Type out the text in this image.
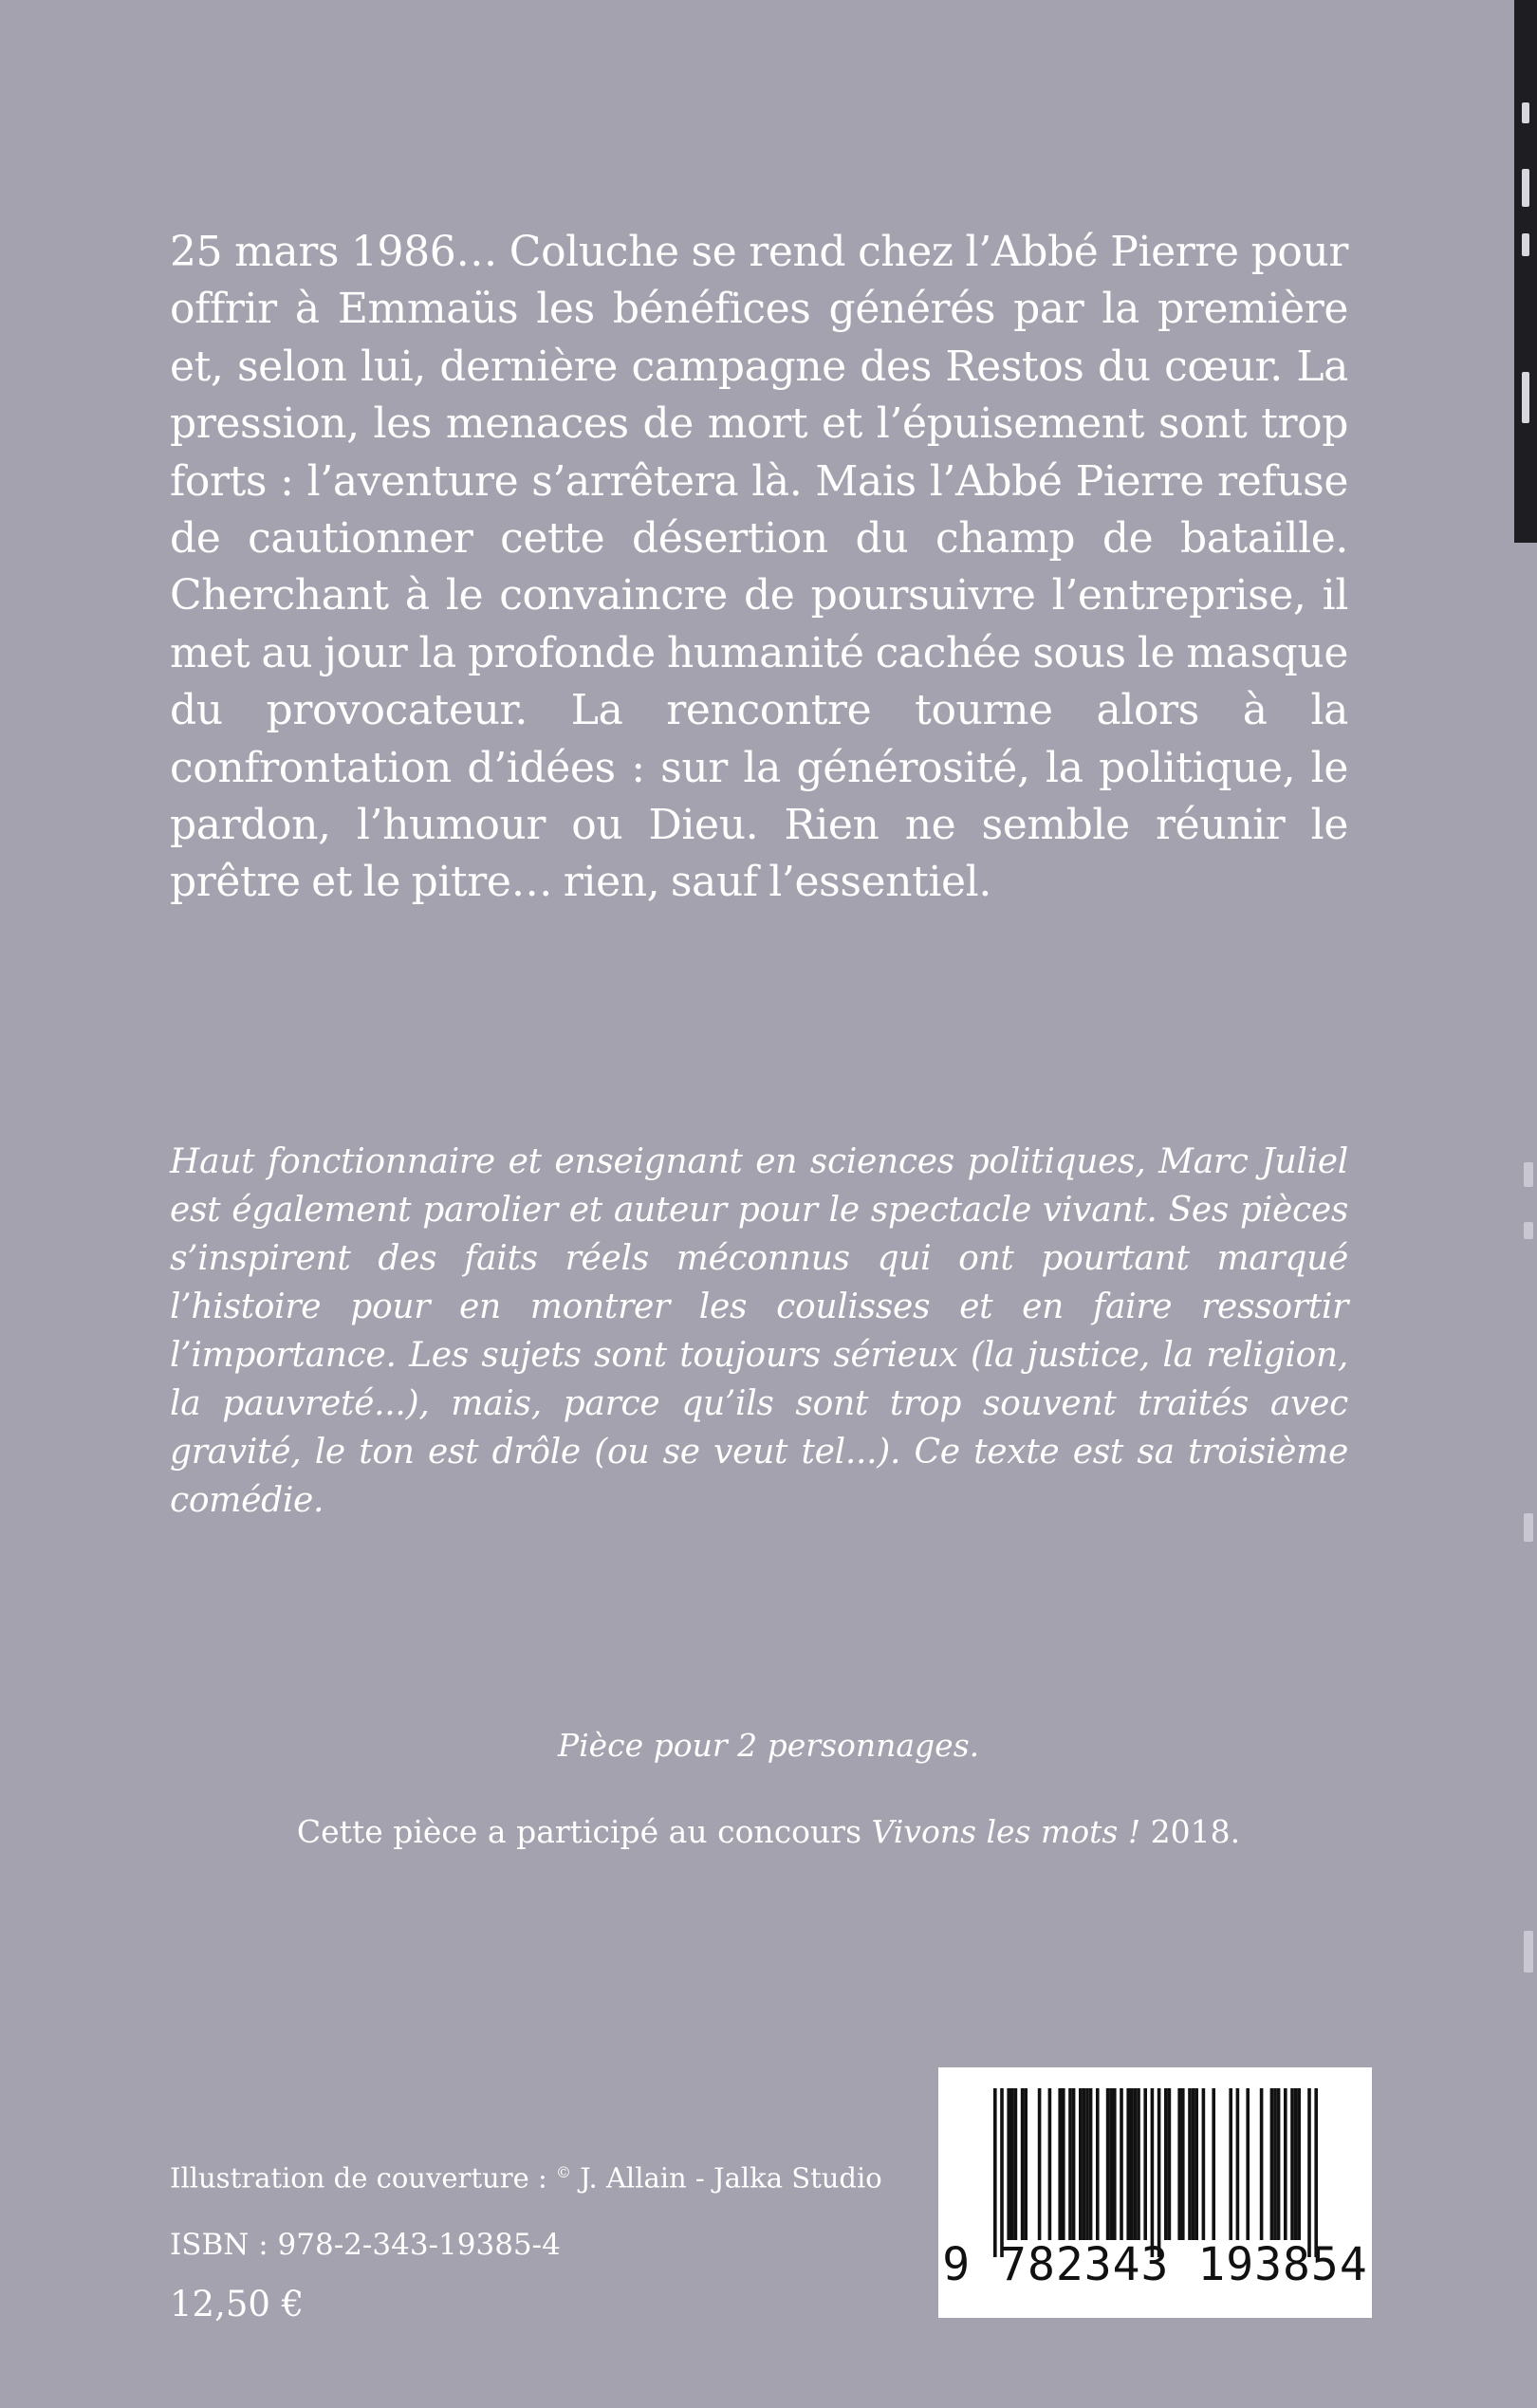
25 mars 1986… Coluche se rend chez l’Abbé Pierre pour offrir à Emmaüs les bénéfices générés par la première et, selon lui, dernière campagne des Restos du cœur. La pression, les menaces de mort et l’épuisement sont trop forts : l’aventure s’arrêtera là. Mais l’Abbé Pierre refuse de cautionner cette désertion du champ de bataille. Cherchant à le convaincre de poursuivre l’entreprise, il met au jour la profonde humanité cachée sous le masque du provocateur. La rencontre tourne alors à la confrontation d’idées : sur la générosité, la politique, le pardon, l’humour ou Dieu. Rien ne semble réunir le prêtre et le pitre… rien, sauf l’essentiel.

Haut fonctionnaire et enseignant en sciences politiques, Marc Juliel est également parolier et auteur pour le spectacle vivant. Ses pièces s’inspirent des faits réels méconnus qui ont pourtant marqué l’histoire pour en montrer les coulisses et en faire ressortir l’importance. Les sujets sont toujours sérieux (la justice, la religion, la pauvreté...), mais, parce qu’ils sont trop souvent traités avec gravité, le ton est drôle (ou se veut tel...). Ce texte est sa troisième comédie.

Pièce pour 2 personnages.
Cette pièce a participé au concours Vivons les mots ! 2018.
Illustration de couverture : © J. Allain - Jalka Studio
ISBN : 978-2-343-19385-4
12,50 €
9 782343 193854
